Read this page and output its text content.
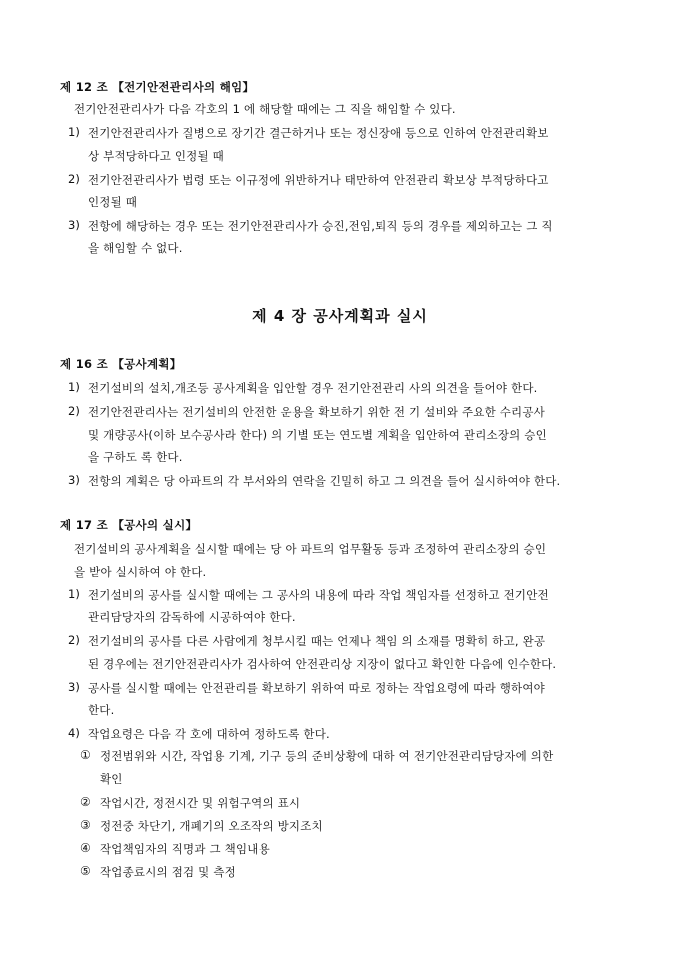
제 12 조 【전기안전관리사의 해임】
전기안전관리사가 다음 각호의 1 에 해당할 때에는 그 직을 해임할 수 있다.
1) 전기안전관리사가 질병으로 장기간 결근하거나 또는 정신장애 등으로 인하여 안전관리확보
상 부적당하다고 인정될 때
2) 전기안전관리사가 법령 또는 이규정에 위반하거나 태만하여 안전관리 확보상 부적당하다고
인정될 때
3) 전항에 해당하는 경우 또는 전기안전관리사가 승진,전임,퇴직 등의 경우를 제외하고는 그 직
을 해임할 수 없다.
제 4 장 공사계획과 실시
제 16 조 【공사계획】
1) 전기설비의 설치,개조등 공사계획을 입안할 경우 전기안전관리 사의 의견을 들어야 한다.
2) 전기안전관리사는 전기설비의 안전한 운용을 확보하기 위한 전 기 설비와 주요한 수리공사
및 개량공사(이하 보수공사라 한다) 의 기별 또는 연도별 계획을 입안하여 관리소장의 승인
을 구하도 록 한다.
3) 전항의 계획은 당 아파트의 각 부서와의 연락을 긴밀히 하고 그 의견을 들어 실시하여야 한다.
제 17 조 【공사의 실시】
전기설비의 공사계획을 실시할 때에는 당 아 파트의 업무활동 등과 조정하여 관리소장의 승인
을 받아 실시하여 야 한다.
1) 전기설비의 공사를 실시할 때에는 그 공사의 내용에 따라 작업 책임자를 선정하고 전기안전
관리담당자의 감독하에 시공하여야 한다.
2) 전기설비의 공사를 다른 사람에게 청부시킬 때는 언제나 책임 의 소재를 명확히 하고, 완공
된 경우에는 전기안전관리사가 검사하여 안전관리상 지장이 없다고 확인한 다음에 인수한다.
3) 공사를 실시할 때에는 안전관리를 확보하기 위하여 따로 정하는 작업요령에 따라 행하여야
한다.
4) 작업요령은 다음 각 호에 대하여 정하도록 한다.
① 정전범위와 시간, 작업용 기계, 기구 등의 준비상황에 대하 여 전기안전관리담당자에 의한
확인
② 작업시간, 정전시간 및 위험구역의 표시
③ 정전중 차단기, 개폐기의 오조작의 방지조치
④ 작업책임자의 직명과 그 책임내용
⑤ 작업종료시의 점검 및 측정
